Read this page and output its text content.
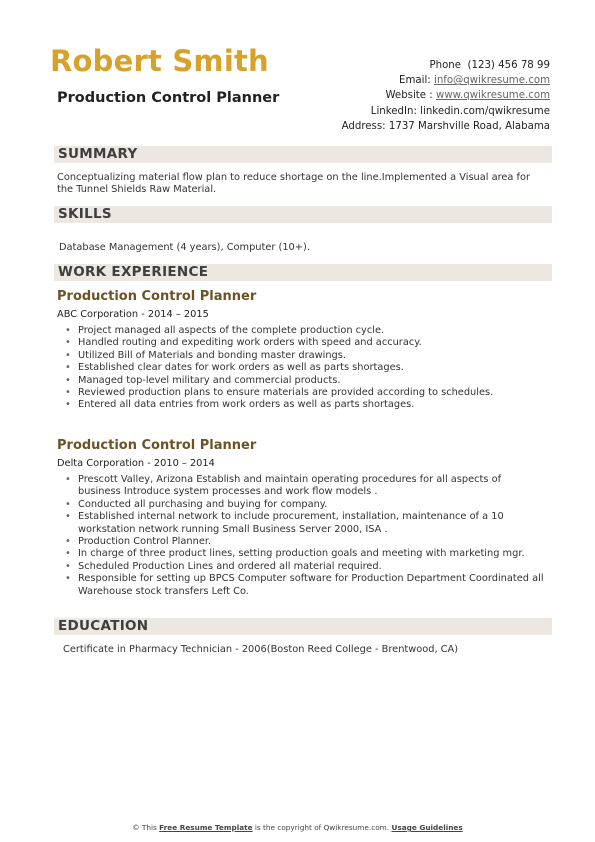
Robert Smith
Production Control Planner
Phone (123) 456 78 99
Email: info@qwikresume.com
Website : www.qwikresume.com
LinkedIn: linkedin.com/qwikresume
Address: 1737 Marshville Road, Alabama
SUMMARY
Conceptualizing material flow plan to reduce shortage on the line.Implemented a Visual area for the Tunnel Shields Raw Material.
SKILLS
Database Management (4 years), Computer (10+).
WORK EXPERIENCE
Production Control Planner
ABC Corporation - 2014 – 2015
• Project managed all aspects of the complete production cycle.
• Handled routing and expediting work orders with speed and accuracy.
• Utilized Bill of Materials and bonding master drawings.
• Established clear dates for work orders as well as parts shortages.
• Managed top-level military and commercial products.
• Reviewed production plans to ensure materials are provided according to schedules.
• Entered all data entries from work orders as well as parts shortages.
Production Control Planner
Delta Corporation - 2010 – 2014
• Prescott Valley, Arizona Establish and maintain operating procedures for all aspects of business Introduce system processes and work flow models .
• Conducted all purchasing and buying for company.
• Established internal network to include procurement, installation, maintenance of a 10 workstation network running Small Business Server 2000, ISA .
• Production Control Planner.
• In charge of three product lines, setting production goals and meeting with marketing mgr.
• Scheduled Production Lines and ordered all material required.
• Responsible for setting up BPCS Computer software for Production Department Coordinated all Warehouse stock transfers Left Co.
EDUCATION
Certificate in Pharmacy Technician - 2006(Boston Reed College - Brentwood, CA)
© This Free Resume Template is the copyright of Qwikresume.com. Usage Guidelines
